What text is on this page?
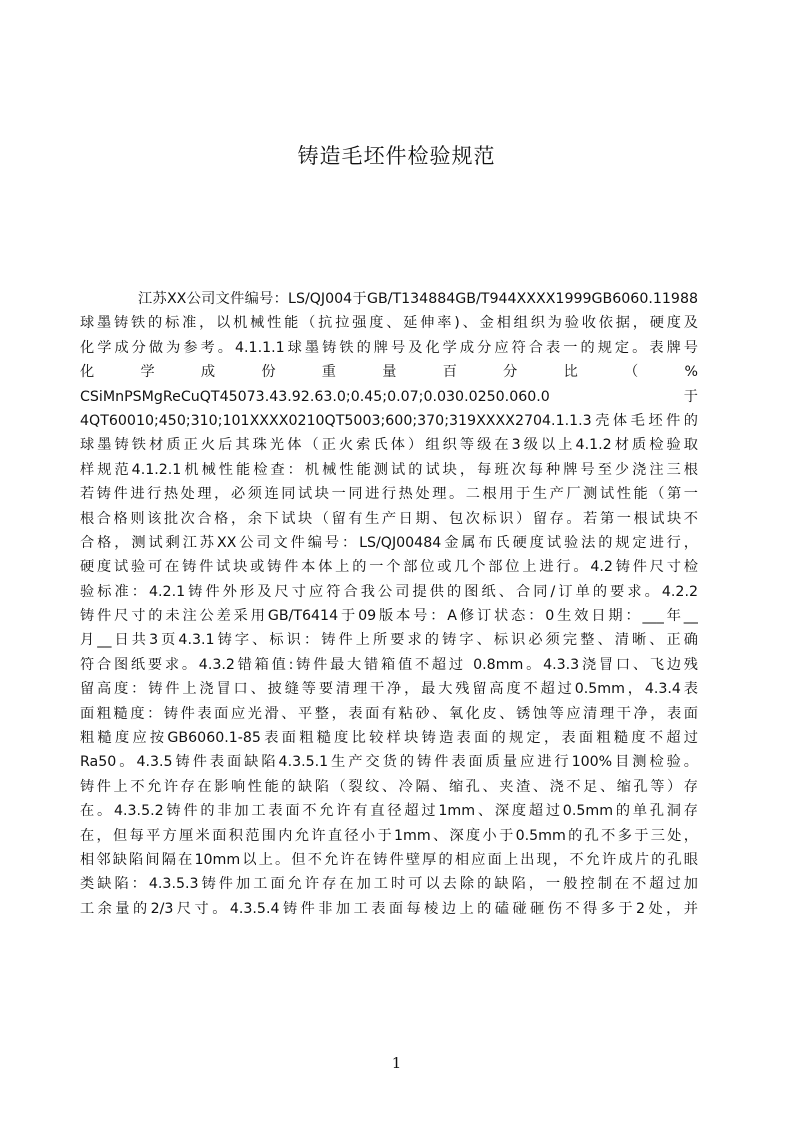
铸造毛坯件检验规范
江苏XX公司文件编号：LS/QJ004于GB/T134884GB/T944XXXX1999GB6060.11988
球墨铸铁的标准，以机械性能（抗拉强度、延伸率)、金相组织为验收依据，硬度及
化学成分做为参考。4.1.1.1球墨铸铁的牌号及化学成分应符合表一的规定。表牌号
化 学 成 份 重 量 百 分 比 （ %
CSiMnPSMgReCuQT45073.43.92.63.0;0.45;0.07;0.030.0250.060.0 于
4QT60010;450;310;101XXXX0210QT5003;600;370;319XXXX2704.1.1.3壳体毛坯件的
球墨铸铁材质正火后其珠光体（正火索氏体）组织等级在3级以上4.1.2材质检验取
样规范4.1.2.1机械性能检查：机械性能测试的试块，每班次每种牌号至少浇注三根
若铸件进行热处理，必须连同试块一同进行热处理。二根用于生产厂测试性能（第一
根合格则该批次合格，余下试块（留有生产日期、包次标识）留存。若第一根试块不
合格，测试剩江苏XX公司文件编号：LS/QJ00484金属布氏硬度试验法的规定进行，
硬度试验可在铸件试块或铸件本体上的一个部位或几个部位上进行。4.2铸件尺寸检
验标准：4.2.1铸件外形及尺寸应符合我公司提供的图纸、合同/订单的要求。4.2.2
铸件尺寸的未注公差采用GB/T6414于09版本号：A修订状态：0生效日期：___年__
月__日共3页4.3.1铸字、标识：铸件上所要求的铸字、标识必须完整、清晰、正确
符合图纸要求。4.3.2错箱值:铸件最大错箱值不超过 0.8mm。4.3.3浇冒口、飞边残
留高度：铸件上浇冒口、披缝等要清理干净，最大残留高度不超过0.5mm，4.3.4表
面粗糙度：铸件表面应光滑、平整，表面有粘砂、氧化皮、锈蚀等应清理干净，表面
粗糙度应按GB6060.1-85表面粗糙度比较样块铸造表面的规定，表面粗糙度不超过
Ra50。4.3.5铸件表面缺陷4.3.5.1生产交货的铸件表面质量应进行100%目测检验。
铸件上不允许存在影响性能的缺陷（裂纹、冷隔、缩孔、夹渣、浇不足、缩孔等）存
在。4.3.5.2铸件的非加工表面不允许有直径超过1mm、深度超过0.5mm的单孔洞存
在，但每平方厘米面积范围内允许直径小于1mm、深度小于0.5mm的孔不多于三处，
相邻缺陷间隔在10mm以上。但不允许在铸件壁厚的相应面上出现，不允许成片的孔眼
类缺陷：4.3.5.3铸件加工面允许存在加工时可以去除的缺陷，一般控制在不超过加
工余量的2/3尺寸。4.3.5.4铸件非加工表面每棱边上的磕碰砸伤不得多于2处，并
1
